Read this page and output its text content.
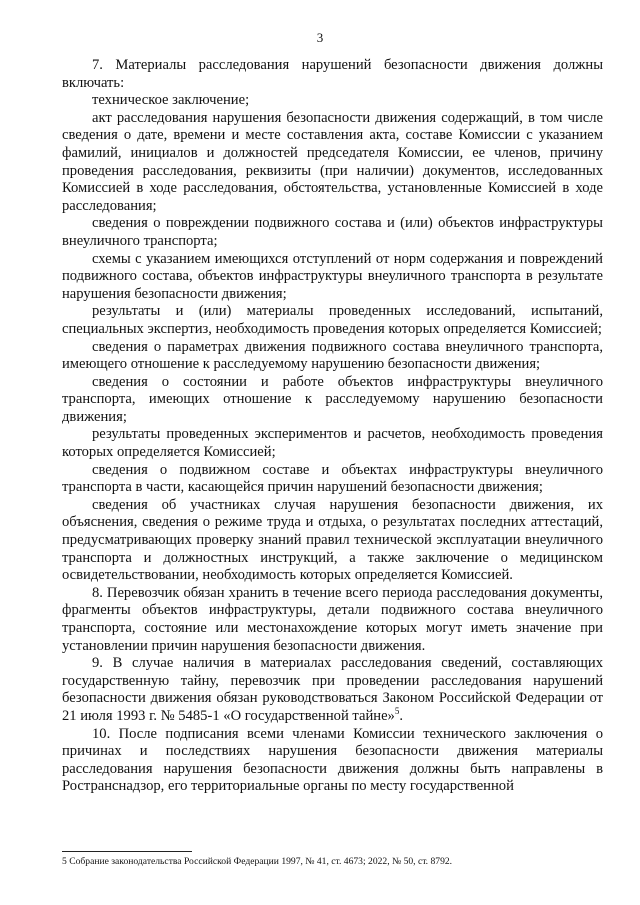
3

7. Материалы расследования нарушений безопасности движения должны включать:

техническое заключение;

акт расследования нарушения безопасности движения содержащий, в том числе сведения о дате, времени и месте составления акта, составе Комиссии с указанием фамилий, инициалов и должностей председателя Комиссии, ее членов, причину проведения расследования, реквизиты (при наличии) документов, исследованных Комиссией в ходе расследования, обстоятельства, установленные Комиссией в ходе расследования;

сведения о повреждении подвижного состава и (или) объектов инфраструктуры внеуличного транспорта;

схемы с указанием имеющихся отступлений от норм содержания и повреждений подвижного состава, объектов инфраструктуры внеуличного транспорта в результате нарушения безопасности движения;

результаты и (или) материалы проведенных исследований, испытаний, специальных экспертиз, необходимость проведения которых определяется Комиссией;

сведения о параметрах движения подвижного состава внеуличного транспорта, имеющего отношение к расследуемому нарушению безопасности движения;

сведения о состоянии и работе объектов инфраструктуры внеуличного транспорта, имеющих отношение к расследуемому нарушению безопасности движения;

результаты проведенных экспериментов и расчетов, необходимость проведения которых определяется Комиссией;

сведения о подвижном составе и объектах инфраструктуры внеуличного транспорта в части, касающейся причин нарушений безопасности движения;

сведения об участниках случая нарушения безопасности движения, их объяснения, сведения о режиме труда и отдыха, о результатах последних аттестаций, предусматривающих проверку знаний правил технической эксплуатации внеуличного транспорта и должностных инструкций, а также заключение о медицинском освидетельствовании, необходимость которых определяется Комиссией.

8. Перевозчик обязан хранить в течение всего периода расследования документы, фрагменты объектов инфраструктуры, детали подвижного состава внеуличного транспорта, состояние или местонахождение которых могут иметь значение при установлении причин нарушения безопасности движения.

9. В случае наличия в материалах расследования сведений, составляющих государственную тайну, перевозчик при проведении расследования нарушений безопасности движения обязан руководствоваться Законом Российской Федерации от 21 июля 1993 г. № 5485-1 «О государственной тайне»$^5$.

10. После подписания всеми членами Комиссии технического заключения о причинах и последствиях нарушения безопасности движения материалы расследования нарушения безопасности движения должны быть направлены в Ространснадзор, его территориальные органы по месту государственной

5 Собрание законодательства Российской Федерации 1997, № 41, ст. 4673; 2022, № 50, ст. 8792.
